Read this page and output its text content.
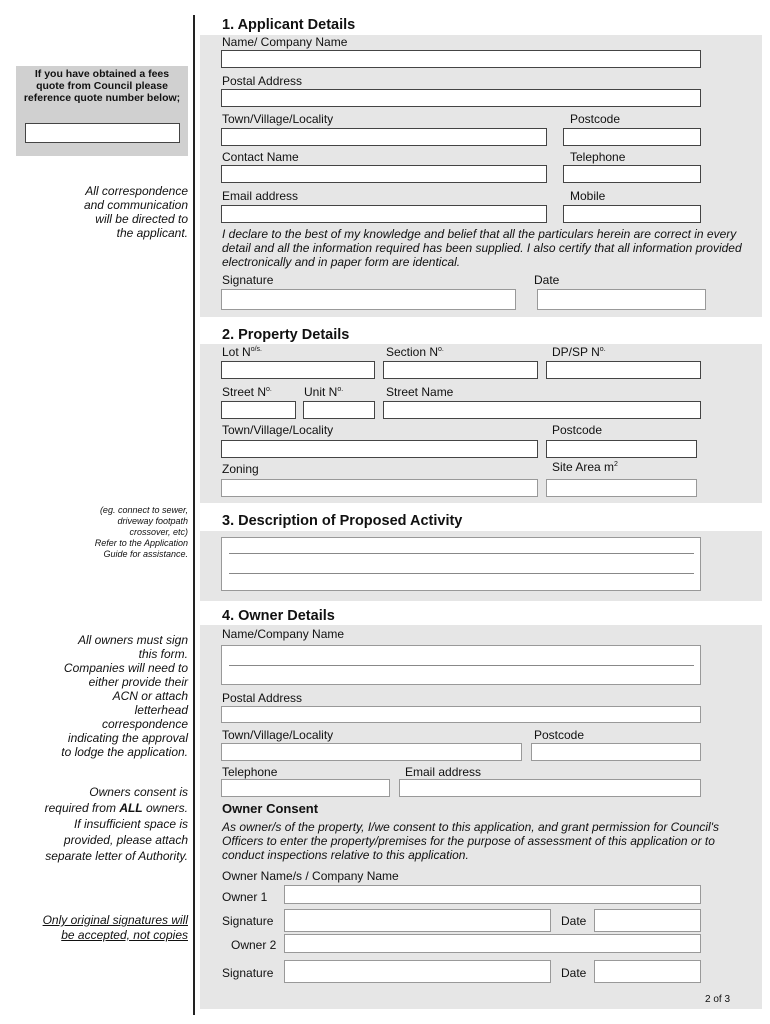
If you have obtained a fees quote from Council please reference quote number below;
All correspondence
and communication
will be directed to
the applicant.
(eg. connect to sewer,
driveway footpath
crossover, etc)
Refer to the Application
Guide for assistance.
All owners must sign
this form.
Companies will need to
either provide their
ACN or attach
letterhead
correspondence
indicating the approval
to lodge the application.
Owners consent is
required from ALL owners.
If insufficient space is
provided, please attach
separate letter of Authority.
Only original signatures will
be accepted, not copies
1. Applicant Details
Name/ Company Name
Postal Address
Town/Village/Locality	Postcode
Contact Name	Telephone
Email address	Mobile
I declare to the best of my knowledge and belief that all the particulars herein are correct in every detail and all the information required has been supplied. I also certify that all information provided electronically and in paper form are identical.
Signature	Date
2. Property Details
Lot $N^{o/s.}$	Section $N^{o.}$	DP/SP $N^{o.}$
Street $N^{o.}$	Unit $N^{o.}$	Street Name
Town/Village/Locality	Postcode
Zoning	Site Area $m^2$
3. Description of Proposed Activity
4. Owner Details
Name/Company Name
Postal Address
Town/Village/Locality	Postcode
Telephone	Email address
Owner Consent
As owner/s of the property, I/we consent to this application, and grant permission for Council's Officers to enter the property/premises for the purpose of assessment of this application or to conduct inspections relative to this application.
Owner Name/s / Company Name
Owner 1
Signature	Date
Owner 2
Signature	Date
2 of 3
